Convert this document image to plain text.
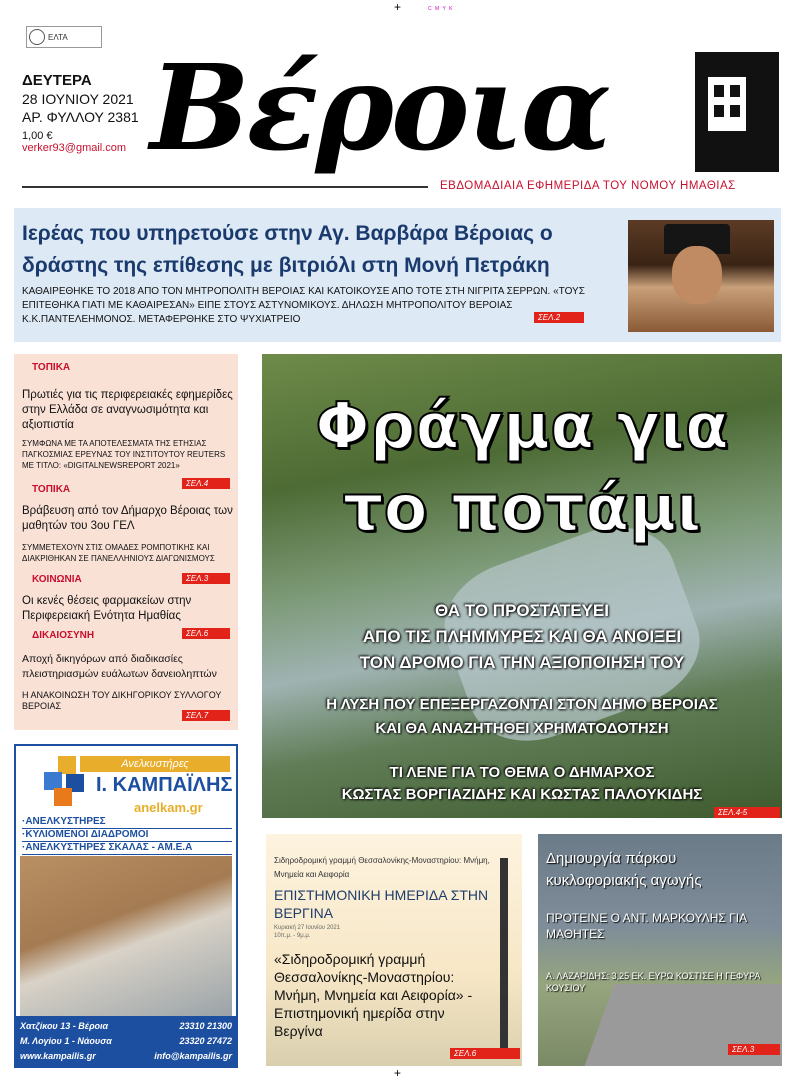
+	C M Y K
+
ΕΛΤΑ
ΔΕΥΤΕΡΑ
28 ΙΟΥΝΙΟΥ 2021
ΑΡ. ΦΥΛΛΟΥ 2381
1,00 €
verker93@gmail.com Βέροια
ΕΒΔΟΜΑΔΙΑΙΑ ΕΦΗΜΕΡΙΔΑ ΤΟΥ ΝΟΜΟΥ ΗΜΑΘΙΑΣ
Ιερέας που υπηρετούσε στην Αγ. Βαρβάρα Βέροιας ο δράστης της επίθεσης με βιτριόλι στη Μονή Πετράκη
ΚΑΘΑΙΡΕΘΗΚΕ ΤΟ 2018 ΑΠΟ ΤΟΝ ΜΗΤΡΟΠΟΛΙΤΗ ΒΕΡΟΙΑΣ ΚΑΙ ΚΑΤΟΙΚΟΥΣΕ ΑΠΟ ΤΟΤΕ ΣΤΗ ΝΙΓΡΙΤΑ ΣΕΡΡΩΝ. «ΤΟΥΣ ΕΠΙΤΕΘΗΚΑ ΓΙΑΤΙ ΜΕ ΚΑΘΑΙΡΕΣΑΝ» ΕΙΠΕ ΣΤΟΥΣ ΑΣΤΥΝΟΜΙΚΟΥΣ. ΔΗΛΩΣΗ ΜΗΤΡΟΠΟΛΙΤΟΥ ΒΕΡΟΙΑΣ Κ.Κ.ΠΑΝΤΕΛΕΗΜΟΝΟΣ. ΜΕΤΑΦΕΡΘΗΚΕ ΣΤΟ ΨΥΧΙΑΤΡΕΙΟ	ΣΕΛ.2
ΤΟΠΙΚΑ
Πρωτιές για τις περιφερειακές εφημερίδες στην Ελλάδα σε αναγνωσιμότητα και αξιοπιστία
ΣΥΜΦΩΝΑ ΜΕ ΤΑ ΑΠΟΤΕΛΕΣΜΑΤΑ ΤΗΣ ΕΤΗΣΙΑΣ ΠΑΓΚΟΣΜΙΑΣ ΕΡΕΥΝΑΣ ΤΟΥ ΙΝΣΤΙΤΟΥΤΟΥ REUTERS ΜΕ ΤΙΤΛΟ: «DIGITALNEWSREPORT 2021»
ΣΕΛ.4
ΤΟΠΙΚΑ
Βράβευση από τον Δήμαρχο Βέροιας των μαθητών του 3ου ΓΕΛ
ΣΥΜΜΕΤΕΧΟΥΝ ΣΤΙΣ ΟΜΑΔΕΣ ΡΟΜΠΟΤΙΚΗΣ ΚΑΙ ΔΙΑΚΡΙΘΗΚΑΝ ΣΕ ΠΑΝΕΛΛΗΝΙΟΥΣ ΔΙΑΓΩΝΙΣΜΟΥΣ
ΣΕΛ.3
ΚΟΙΝΩΝΙΑ
Οι κενές θέσεις φαρμακείων στην Περιφερειακή Ενότητα Ημαθίας
ΣΕΛ.6
ΔΙΚΑΙΟΣΥΝΗ
Αποχή δικηγόρων από διαδικασίες πλειστηριασμών ευάλωτων δανειοληπτών
Η ΑΝΑΚΟΙΝΩΣΗ ΤΟΥ ΔΙΚΗΓΟΡΙΚΟΥ ΣΥΛΛΟΓΟΥ ΒΕΡΟΙΑΣ
ΣΕΛ.7
Φράγμα για
το ποτάμι
ΘΑ ΤΟ ΠΡΟΣΤΑΤΕΥΕΙ
ΑΠΟ ΤΙΣ ΠΛΗΜΜΥΡΕΣ ΚΑΙ ΘΑ ΑΝΟΙΞΕΙ
ΤΟΝ ΔΡΟΜΟ ΓΙΑ ΤΗΝ ΑΞΙΟΠΟΙΗΣΗ ΤΟΥ
Η ΛΥΣΗ ΠΟΥ ΕΠΕΞΕΡΓΑΖΟΝΤΑΙ ΣΤΟΝ ΔΗΜΟ ΒΕΡΟΙΑΣ
ΚΑΙ ΘΑ ΑΝΑΖΗΤΗΘΕΙ ΧΡΗΜΑΤΟΔΟΤΗΣΗ
ΤΙ ΛΕΝΕ ΓΙΑ ΤΟ ΘΕΜΑ Ο ΔΗΜΑΡΧΟΣ
ΚΩΣΤΑΣ ΒΟΡΓΙΑΖΙΔΗΣ ΚΑΙ ΚΩΣΤΑΣ ΠΑΛΟΥΚΙΔΗΣ
ΣΕΛ.4-5
Ανελκυστήρες
Ι. ΚΑΜΠΑΪΛΗΣ
anelkam.gr
·ΑΝΕΛΚΥΣΤΗΡΕΣ
·ΚΥΛΙΟΜΕΝΟΙ ΔΙΑΔΡΟΜΟΙ
·ΑΝΕΛΚΥΣΤΗΡΕΣ ΣΚΑΛΑΣ - ΑΜ.Ε.Α
Χατζίκου 13 - Βέροια	23310 21300
Μ. Λογίου 1 - Νάουσα	23320 27472
www.kampailis.gr	info@kampailis.gr
Σιδηροδρομική γραμμή Θεσσαλονίκης-Μοναστηρίου: Μνήμη, Μνημεία και Αειφορία
ΕΠΙΣΤΗΜΟΝΙΚΗ ΗΜΕΡΙΔΑ ΣΤΗΝ ΒΕΡΓΙΝΑ
Κυριακή 27 Ιουνίου 2021
10π.μ. - 9μ.μ.
«Σιδηροδρομική γραμμή Θεσσαλονίκης-Μοναστηρίου: Μνήμη, Μνημεία και Αειφορία» - Επιστημονική ημερίδα στην Βεργίνα
ΣΕΛ.6
Δημιουργία πάρκου κυκλοφοριακής αγωγής
ΠΡΟΤΕΙΝΕ Ο ΑΝΤ. ΜΑΡΚΟΥΛΗΣ ΓΙΑ ΜΑΘΗΤΕΣ
Α. ΛΑΖΑΡΙΔΗΣ: 3,25 ΕΚ. ΕΥΡΩ ΚΟΣΤΙΣΕ Η ΓΕΦΥΡΑ ΚΟΥΣΙΟΥ
ΣΕΛ.3
